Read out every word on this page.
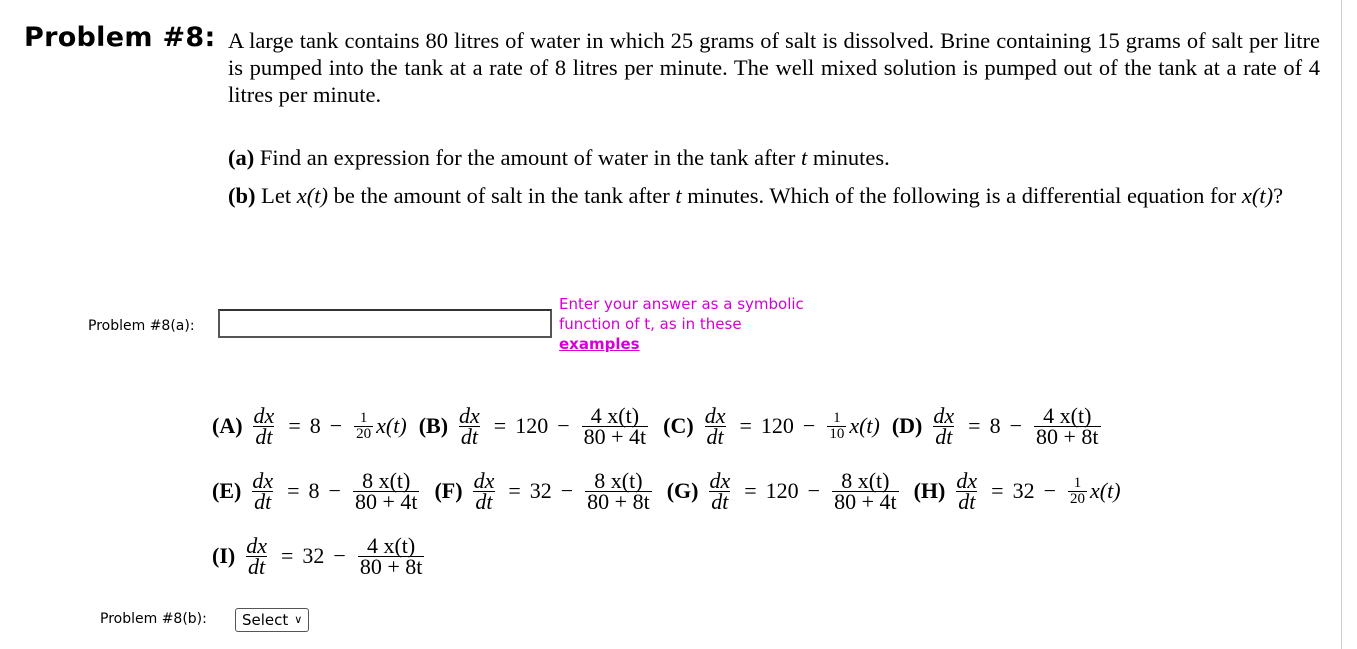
Problem #8: A large tank contains 80 litres of water in which 25 grams of salt is dissolved. Brine containing 15 grams of salt per litre is pumped into the tank at a rate of 8 litres per minute. The well mixed solution is pumped out of the tank at a rate of 4 litres per minute.
(a) Find an expression for the amount of water in the tank after t minutes.
(b) Let x(t) be the amount of salt in the tank after t minutes. Which of the following is a differential equation for x(t)?
Problem #8(a):
Enter your answer as a symbolic function of t, as in these
examples
$(A) \frac{dx}{dt} = 8 - \frac{1}{20} x(t)$ $(B) \frac{dx}{dt} = 120 - \frac{4 x(t)}{80 + 4t} (C) \frac{dx}{dt} = 120 - \frac{1}{10} x(t)$ $(D) \frac{dx}{dt} = 8 - \frac{4 x(t)}{80 + 8t}$
$(E) \frac{dx}{dt} = 8 - \frac{8 x(t)}{80 + 4t} (F) \frac{dx}{dt} = 32 - \frac{8 x(t)}{80 + 8t} (G) \frac{dx}{dt} = 120 - \frac{8 x(t)}{80 + 4t} (H) \frac{dx}{dt} = 32 - \frac{1}{20} x(t)$
$(I) \frac{dx}{dt} = 32 - \frac{4 x(t)}{80 + 8t}$
Problem #8(b): Select ∨
